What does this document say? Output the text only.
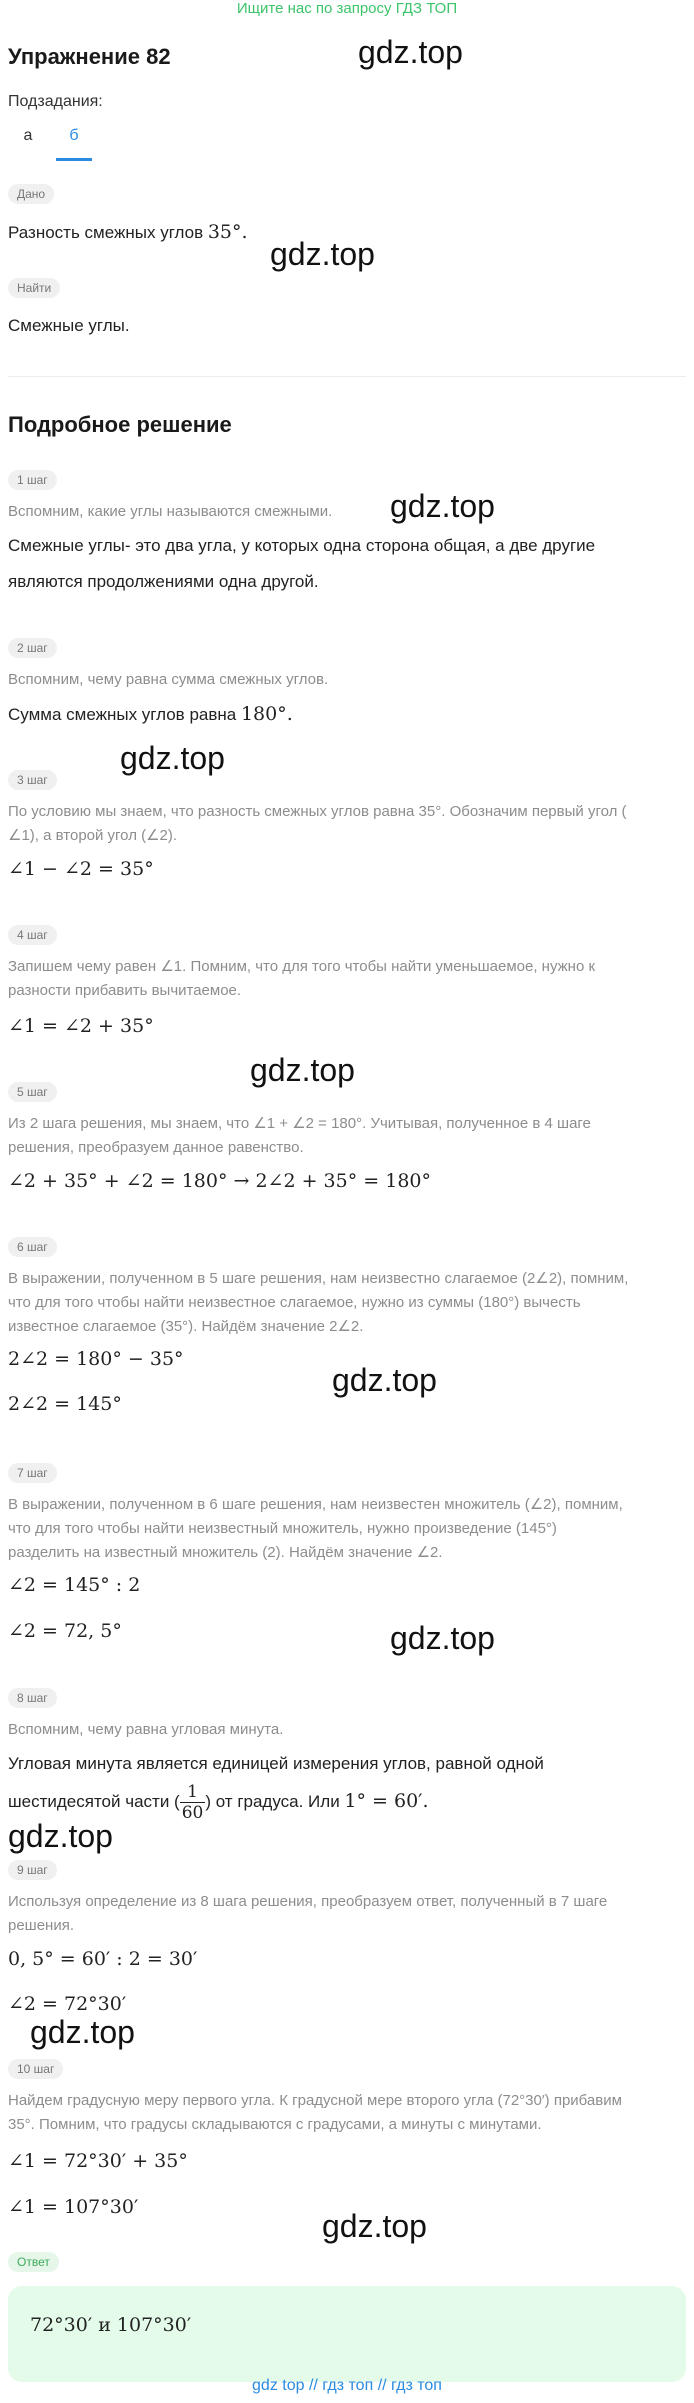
Ищите нас по запросу ГДЗ ТОП
Упражнение 82	gdz.top
Подзадания:
а	б
Дано
Разность смежных углов 35°.
gdz.top
Найти
Смежные углы.
Подробное решение
1 шаг
Вспомним, какие углы называются смежными. gdz.top
Смежные углы- это два угла, у которых одна сторона общая, а две другие
являются продолжениями одна другой.
2 шаг
Вспомним, чему равна сумма смежных углов.
Сумма смежных углов равна 180°.
gdz.top
3 шаг
По условию мы знаем, что разность смежных углов равна 35°. Обозначим первый угол (
∠1), а второй угол (∠2).
∠1 − ∠2 = 35°
4 шаг
Запишем чему равен ∠1. Помним, что для того чтобы найти уменьшаемое, нужно к
разности прибавить вычитаемое.
∠1 = ∠2 + 35°
gdz.top
5 шаг
Из 2 шага решения, мы знаем, что ∠1 + ∠2 = 180°. Учитывая, полученное в 4 шаге
решения, преобразуем данное равенство.
∠2 + 35° + ∠2 = 180° → 2∠2 + 35° = 180°
6 шаг
В выражении, полученном в 5 шаге решения, нам неизвестно слагаемое (2∠2), помним,
что для того чтобы найти неизвестное слагаемое, нужно из суммы (180°) вычесть
известное слагаемое (35°). Найдём значение 2∠2.
2∠2 = 180° − 35°
gdz.top
2∠2 = 145°
7 шаг
В выражении, полученном в 6 шаге решения, нам неизвестен множитель (∠2), помним,
что для того чтобы найти неизвестный множитель, нужно произведение (145°)
разделить на известный множитель (2). Найдём значение ∠2.
∠2 = 145° : 2
∠2 = 72, 5°	gdz.top
8 шаг
Вспомним, чему равна угловая минута.
Угловая минута является единицей измерения углов, равной одной
шестидесятой части ( $\frac{1}{60}$ ) от градуса. Или 1° = 60′.
gdz.top
9 шаг
Используя определение из 8 шага решения, преобразуем ответ, полученный в 7 шаге
решения.
0, 5° = 60′ : 2 = 30′
∠2 = 72°30′
gdz.top
10 шаг
Найдем градусную меру первого угла. К градусной мере второго угла (72°30′) прибавим
35°. Помним, что градусы складываются с градусами, а минуты с минутами.
∠1 = 72°30′ + 35°
∠1 = 107°30′
gdz.top
Ответ
72°30′ и 107°30′
gdz top // гдз топ // гдз топ
